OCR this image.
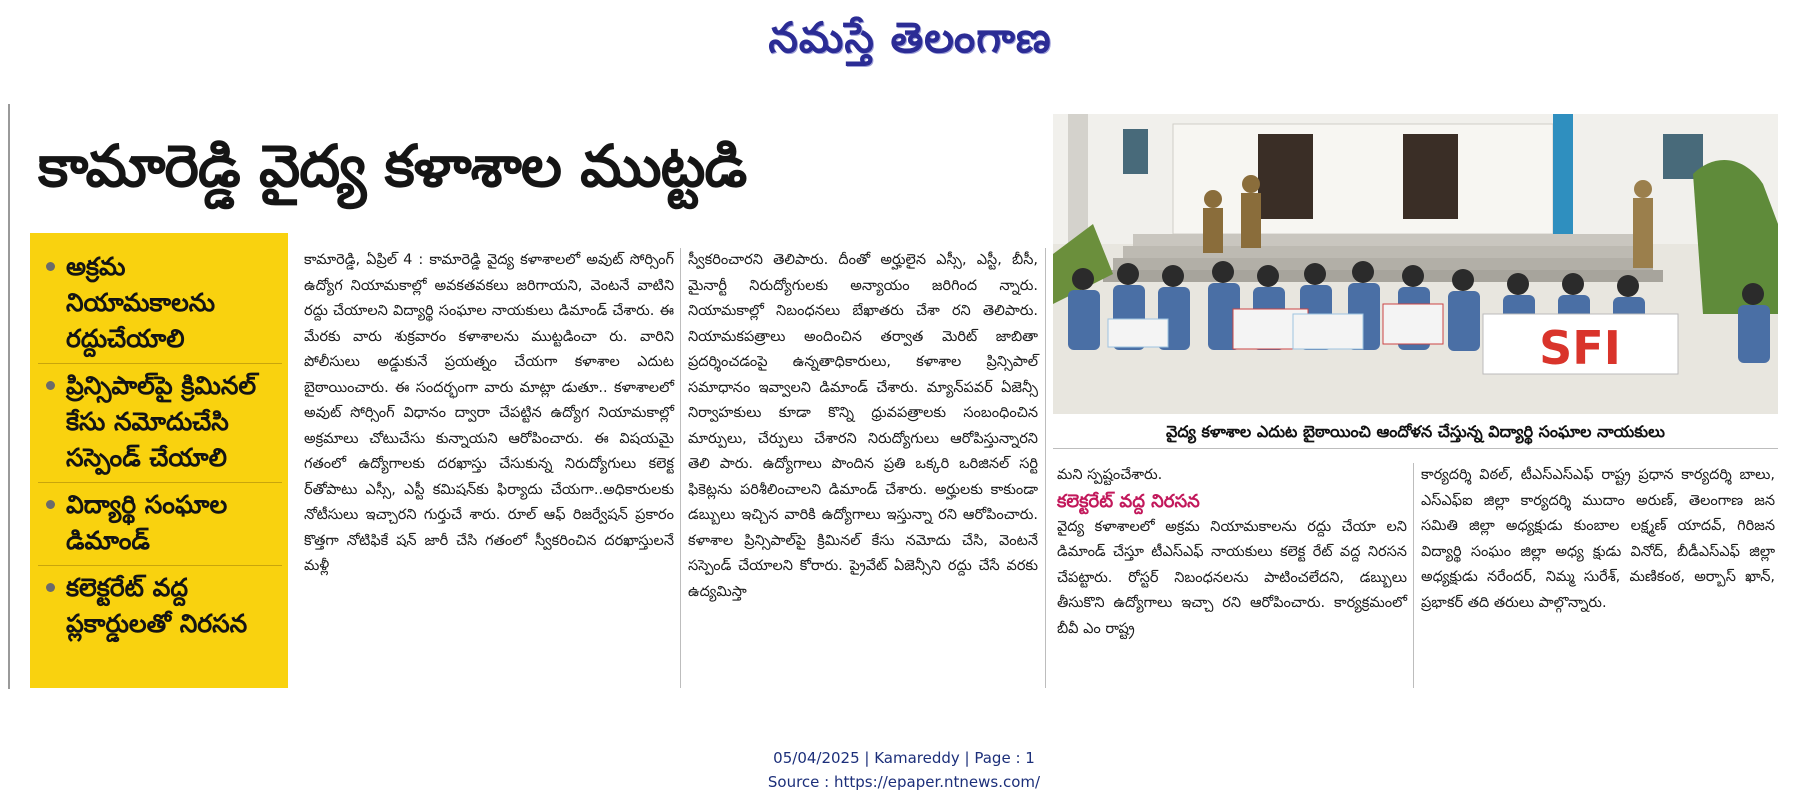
నమస్తే తెలంగాణ
కామారెడ్డి వైద్య కళాశాల ముట్టడి
SFI
వైద్య కళాశాల ఎదుట బైఠాయించి ఆందోళన చేస్తున్న విద్యార్థి సంఘాల నాయకులు
అక్రమ నియామకాలను రద్దుచేయాలి
ప్రిన్సిపాల్‌పై క్రిమినల్ కేసు నమోదుచేసి సస్పెండ్ చేయాలి
విద్యార్థి సంఘాల డిమాండ్
కలెక్టరేట్ వద్ద ప్లకార్డులతో నిరసన
కామారెడ్డి, ఏప్రిల్ 4 : కామారెడ్డి వైద్య కళాశాలలో అవుట్ సోర్సింగ్ ఉద్యోగ నియామకాల్లో అవకతవకలు జరిగాయని, వెంటనే వాటిని రద్దు చేయాలని విద్యార్థి సంఘాల నాయకులు డిమాండ్ చేశారు. ఈ మేరకు వారు శుక్రవారం కళాశాలను ముట్టడించా రు. వారిని పోలీసులు అడ్డుకునే ప్రయత్నం చేయగా కళాశాల ఎదుట బైఠాయించారు. ఈ సందర్భంగా వారు మాట్లా డుతూ.. కళాశాలలో అవుట్ సోర్సింగ్ విధానం ద్వారా చేపట్టిన ఉద్యోగ నియామకాల్లో అక్రమాలు చోటుచేసు కున్నాయని ఆరోపించారు. ఈ విషయమై గతంలో ఉద్యోగాలకు దరఖాస్తు చేసుకున్న నిరుద్యోగులు కలెక్ట ర్‌తోపాటు ఎస్సీ, ఎస్టీ కమిషన్‌కు ఫిర్యాదు చేయగా..అధికారులకు నోటీసులు ఇచ్చారని గుర్తుచే శారు. రూల్ ఆఫ్ రిజర్వేషన్ ప్రకారం కొత్తగా నోటిఫికే షన్ జారీ చేసి గతంలో స్వీకరించిన దరఖాస్తులనే మళ్లీ
స్వీకరించారని తెలిపారు. దీంతో అర్హులైన ఎస్సీ, ఎస్టీ, బీసీ, మైనార్టీ నిరుద్యోగులకు అన్యాయం జరిగింద న్నారు. నియామకాల్లో నిబంధనలు బేఖాతరు చేశా రని తెలిపారు. నియామకపత్రాలు అందించిన తర్వాత మెరిట్ జాబితా ప్రదర్శించడంపై ఉన్నతాధికారులు, కళాశాల ప్రిన్సిపాల్ సమాధానం ఇవ్వాలని డిమాండ్ చేశారు. మ్యాన్‌పవర్ ఏజెన్సీ నిర్వాహకులు కూడా కొన్ని ధ్రువపత్రాలకు సంబంధించిన మార్పులు, చేర్పులు చేశారని నిరుద్యోగులు ఆరోపిస్తున్నారని తెలి పారు. ఉద్యోగాలు పొందిన ప్రతి ఒక్కరి ఒరిజినల్ సర్టి ఫికెట్లను పరిశీలించాలని డిమాండ్ చేశారు. అర్హులకు కాకుండా డబ్బులు ఇచ్చిన వారికి ఉద్యోగాలు ఇస్తున్నా రని ఆరోపించారు. కళాశాల ప్రిన్సిపాల్‌పై క్రిమినల్ కేసు నమోదు చేసి, వెంటనే సస్పెండ్ చేయాలని కోరారు. ప్రైవేట్ ఏజెన్సీని రద్దు చేసే వరకు ఉద్యమిస్తా
మని స్పష్టంచేశారు.
కలెక్టరేట్ వద్ద నిరసన
వైద్య కళాశాలలో అక్రమ నియామకాలను రద్దు చేయా లని డిమాండ్ చేస్తూ టీఎస్‌ఎఫ్ నాయకులు కలెక్ట రేట్ వద్ద నిరసన చేపట్టారు. రోస్టర్ నిబంధనలను పాటించలేదని, డబ్బులు తీసుకొని ఉద్యోగాలు ఇచ్చా రని ఆరోపించారు. కార్యక్రమంలో బీవీ ఎం రాష్ట్ర
కార్యదర్శి విఠల్, టీఎస్‌ఎస్‌ఎఫ్ రాష్ట్ర ప్రధాన కార్యదర్శి బాలు, ఎస్‌ఎఫ్‌ఐ జిల్లా కార్యదర్శి ముదాం అరుణ్, తెలంగాణ జన సమితి జిల్లా అధ్యక్షుడు కుంబాల లక్ష్మణ్ యాదవ్, గిరిజన విద్యార్థి సంఘం జిల్లా అధ్య క్షుడు వినోద్, బీడీఎస్‌ఎఫ్ జిల్లా అధ్యక్షుడు నరేందర్, నిమ్మ సురేశ్, మణికంఠ, అర్బాస్ ఖాన్, ప్రభాకర్ తది తరులు పాల్గొన్నారు.
05/04/2025 | Kamareddy | Page : 1
Source : https://epaper.ntnews.com/
